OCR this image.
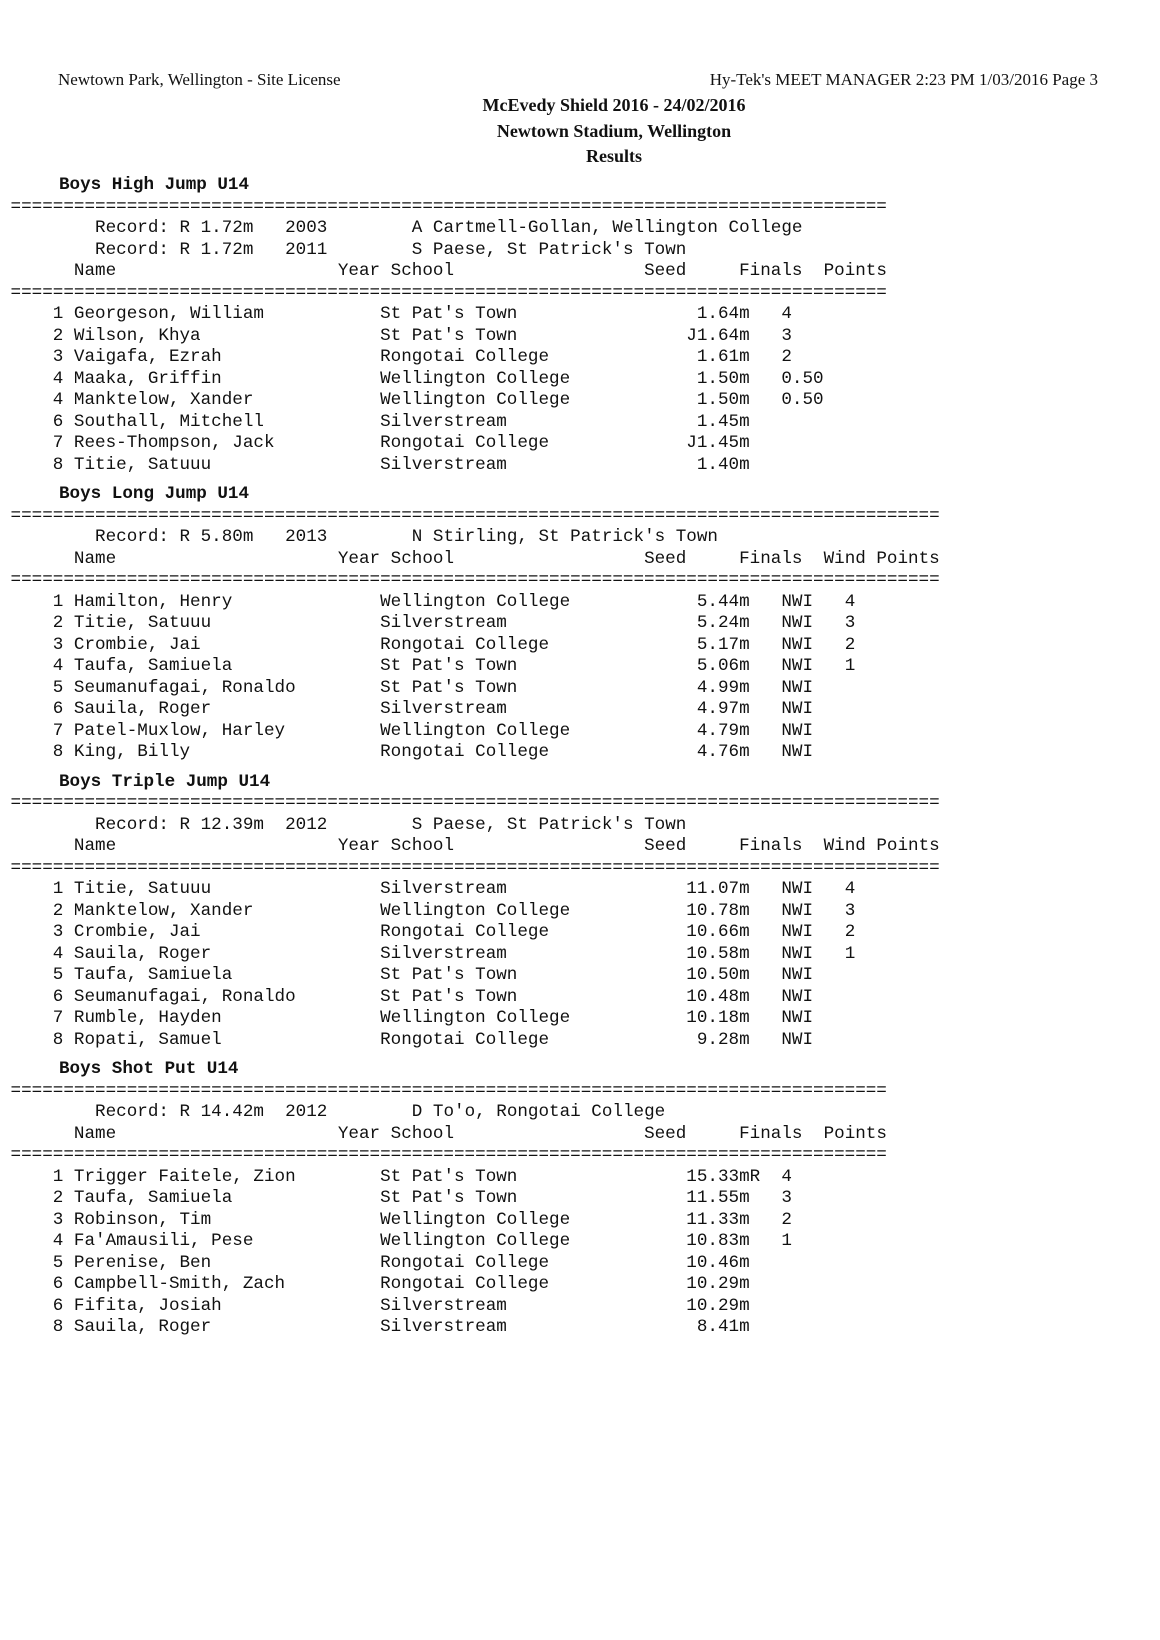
Newtown Park, Wellington - Site License	Hy-Tek's MEET MANAGER 2:23 PM 1/03/2016 Page 3
McEvedy Shield 2016 - 24/02/2016
Newtown Stadium, Wellington
Results
Boys High Jump U14
===================================================================================
Record: R 1.72m   2003	A Cartmell-Gollan, Wellington College
Record: R 1.72m   2011	S Paese, St Patrick's Town
Name	Year School	Seed	Finals Points
===================================================================================
1 Georgeson, William           St Pat's Town                 1.64m 4
2 Wilson, Khya                 St Pat's Town                J1.64m 3
3 Vaigafa, Ezrah               Rongotai College              1.61m 2
4 Maaka, Griffin               Wellington College            1.50m 0.50
4 Manktelow, Xander            Wellington College            1.50m 0.50
6 Southall, Mitchell           Silverstream                  1.45m
7 Rees-Thompson, Jack          Rongotai College             J1.45m
8 Titie, Satuuu                Silverstream                  1.40m
Boys Long Jump U14
========================================================================================
Record: R 5.80m   2013	N Stirling, St Patrick's Town
Name	Year School	Seed	Finals Wind Points
========================================================================================
1 Hamilton, Henry              Wellington College            5.44m NWI 4
2 Titie, Satuuu                Silverstream                  5.24m NWI 3
3 Crombie, Jai                 Rongotai College              5.17m NWI 2
4 Taufa, Samiuela              St Pat's Town                 5.06m NWI 1
5 Seumanufagai, Ronaldo        St Pat's Town                 4.99m NWI
6 Sauila, Roger                Silverstream                  4.97m NWI
7 Patel-Muxlow, Harley         Wellington College            4.79m NWI
8 King, Billy                  Rongotai College              4.76m NWI
Boys Triple Jump U14
========================================================================================
Record: R 12.39m  2012	S Paese, St Patrick's Town
Name	Year School	Seed	Finals Wind Points
========================================================================================
1 Titie, Satuuu                Silverstream                 11.07m NWI 4
2 Manktelow, Xander            Wellington College           10.78m NWI 3
3 Crombie, Jai                 Rongotai College             10.66m NWI 2
4 Sauila, Roger                Silverstream                 10.58m NWI 1
5 Taufa, Samiuela              St Pat's Town                10.50m NWI
6 Seumanufagai, Ronaldo        St Pat's Town                10.48m NWI
7 Rumble, Hayden               Wellington College           10.18m NWI
8 Ropati, Samuel               Rongotai College              9.28m NWI
Boys Shot Put U14
===================================================================================
Record: R 14.42m  2012	D To'o, Rongotai College
Name	Year School	Seed	Finals Points
===================================================================================
1 Trigger Faitele, Zion        St Pat's Town                15.33mR 4
2 Taufa, Samiuela              St Pat's Town                11.55m 3
3 Robinson, Tim                Wellington College           11.33m 2
4 Fa'Amausili, Pese            Wellington College           10.83m 1
5 Perenise, Ben                Rongotai College             10.46m
6 Campbell-Smith, Zach         Rongotai College             10.29m
6 Fifita, Josiah               Silverstream                 10.29m
8 Sauila, Roger                Silverstream                  8.41m
